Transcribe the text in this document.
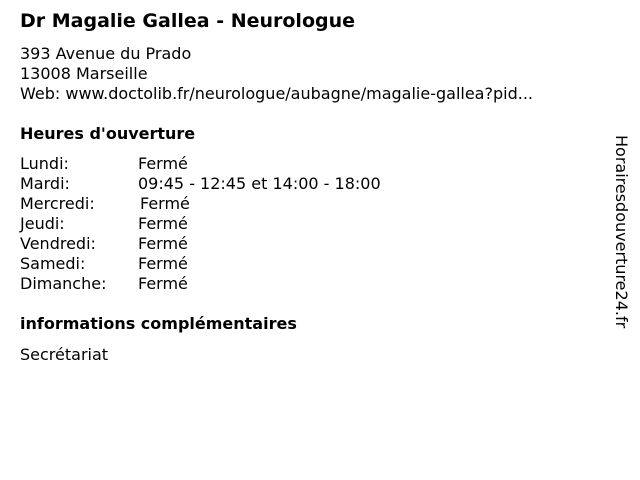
Dr Magalie Gallea - Neurologue
393 Avenue du Prado
13008 Marseille
Web: www.doctolib.fr/neurologue/aubagne/magalie-gallea?pid...
Heures d'ouverture
Lundi:	Fermé
Mardi:	09:45 - 12:45 et 14:00 - 18:00
Mercredi:	Fermé
Jeudi:	Fermé
Vendredi:	Fermé
Samedi:	Fermé
Dimanche: Fermé
informations complémentaires
Secrétariat
Horairesdouverture24.fr
